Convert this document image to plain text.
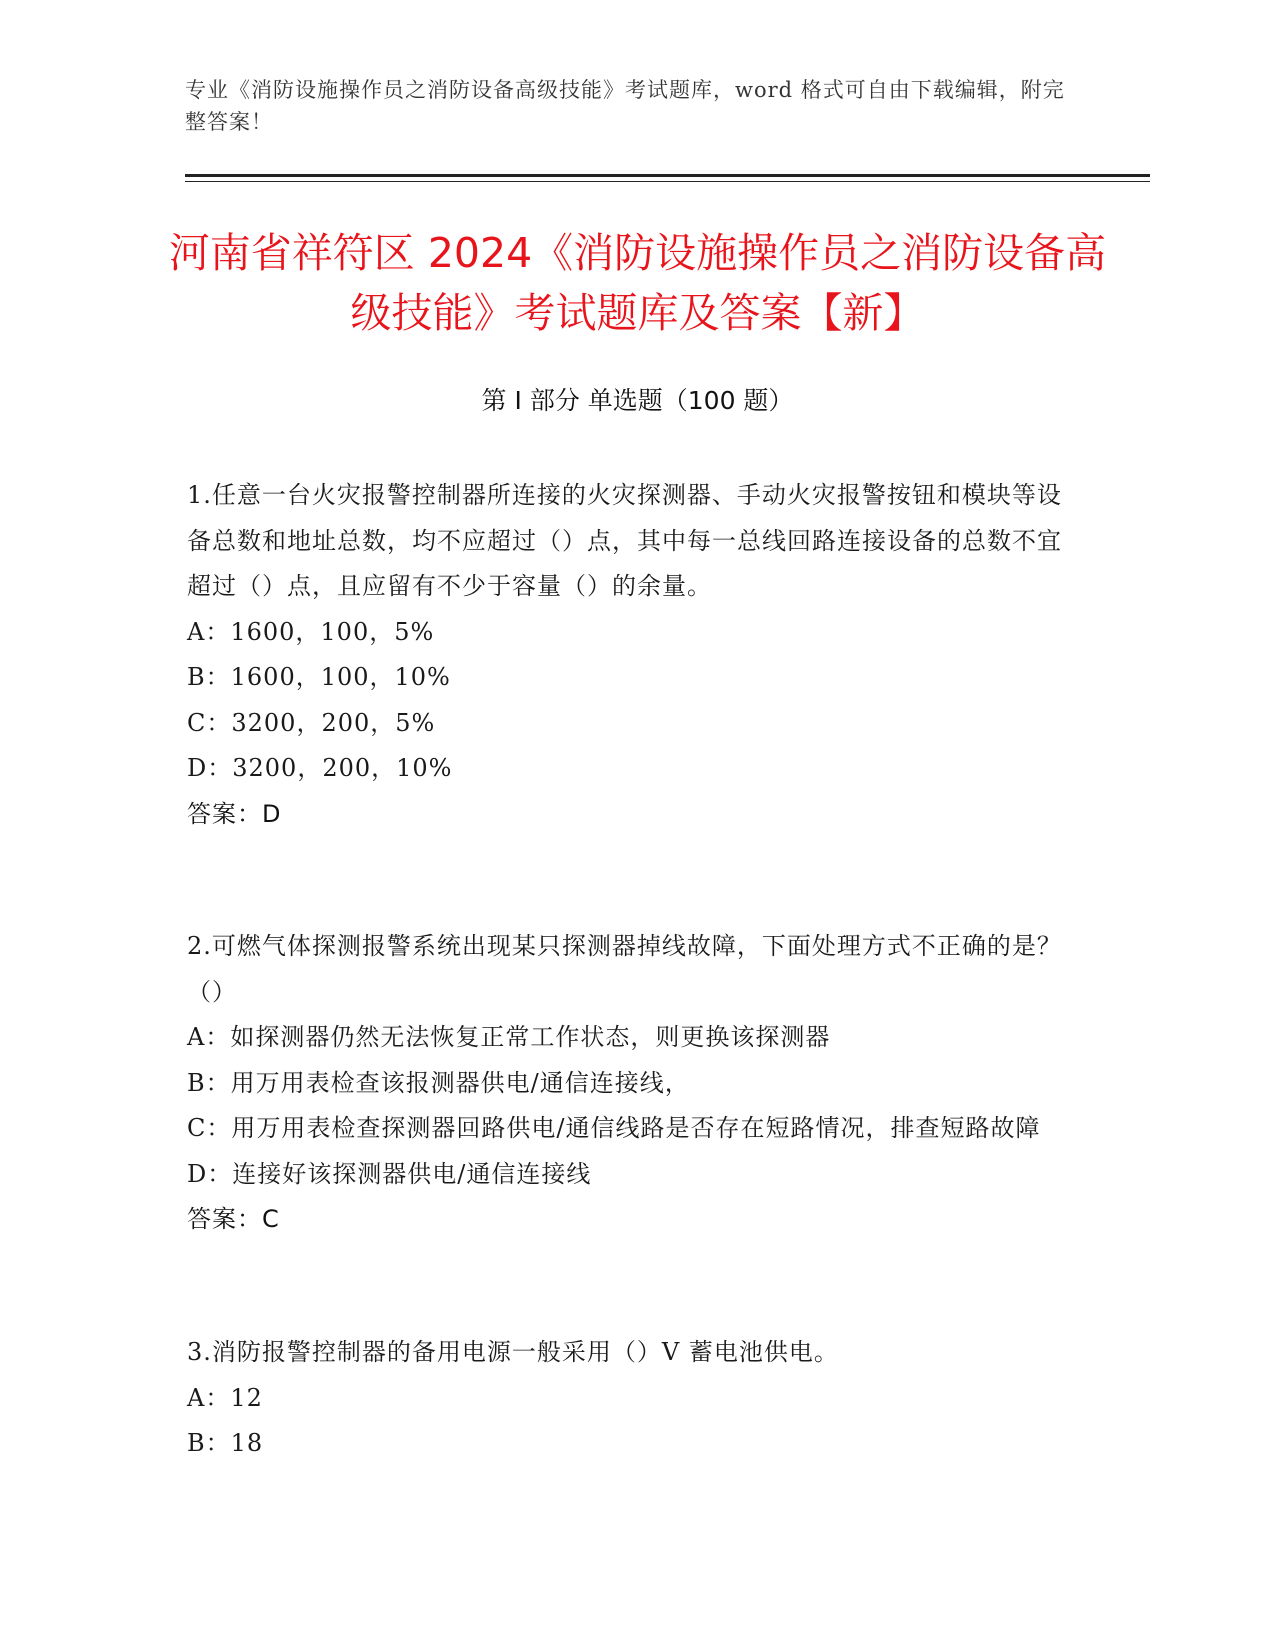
专业《消防设施操作员之消防设备高级技能》考试题库，word 格式可自由下载编辑，附完整答案！
河南省祥符区 2024《消防设施操作员之消防设备高级技能》考试题库及答案【新】
第 I 部分 单选题（100 题）
1.任意一台火灾报警控制器所连接的火灾探测器、手动火灾报警按钮和模块等设备总数和地址总数，均不应超过（）点，其中每一总线回路连接设备的总数不宜超过（）点，且应留有不少于容量（）的余量。
A：1600，100，5%
B：1600，100，10%
C：3200，200，5%
D：3200，200，10%
答案：D
2.可燃气体探测报警系统出现某只探测器掉线故障，下面处理方式不正确的是？（）
A：如探测器仍然无法恢复正常工作状态，则更换该探测器
B：用万用表检查该报测器供电/通信连接线，
C：用万用表检查探测器回路供电/通信线路是否存在短路情况，排查短路故障
D：连接好该探测器供电/通信连接线
答案：C
3.消防报警控制器的备用电源一般采用（）V 蓄电池供电。
A：12
B：18
